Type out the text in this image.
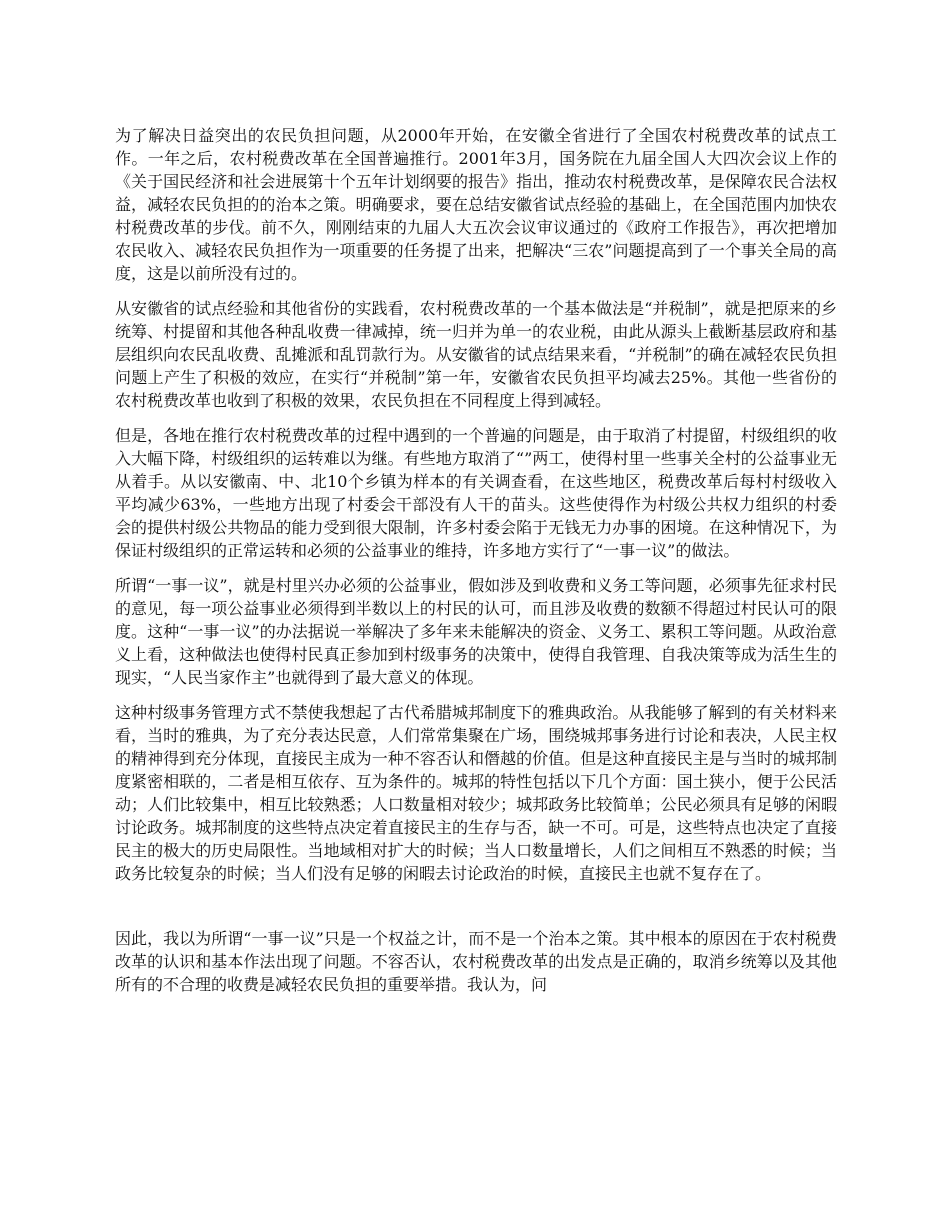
为了解决日益突出的农民负担问题，从2000年开始，在安徽全省进行了全国农村税费改革的试点工作。一年之后，农村税费改革在全国普遍推行。2001年3月，国务院在九届全国人大四次会议上作的《关于国民经济和社会进展第十个五年计划纲要的报告》指出，推动农村税费改革，是保障农民合法权益，减轻农民负担的的治本之策。明确要求，要在总结安徽省试点经验的基础上，在全国范围内加快农村税费改革的步伐。前不久，刚刚结束的九届人大五次会议审议通过的《政府工作报告》，再次把增加农民收入、减轻农民负担作为一项重要的任务提了出来，把解决“三农”问题提高到了一个事关全局的高度，这是以前所没有过的。

从安徽省的试点经验和其他省份的实践看，农村税费改革的一个基本做法是“并税制”，就是把原来的乡统筹、村提留和其他各种乱收费一律减掉，统一归并为单一的农业税，由此从源头上截断基层政府和基层组织向农民乱收费、乱摊派和乱罚款行为。从安徽省的试点结果来看，“并税制”的确在减轻农民负担问题上产生了积极的效应，在实行“并税制”第一年，安徽省农民负担平均减去25%。其他一些省份的农村税费改革也收到了积极的效果，农民负担在不同程度上得到减轻。

但是，各地在推行农村税费改革的过程中遇到的一个普遍的问题是，由于取消了村提留，村级组织的收入大幅下降，村级组织的运转难以为继。有些地方取消了“”两工，使得村里一些事关全村的公益事业无从着手。从以安徽南、中、北10个乡镇为样本的有关调查看，在这些地区，税费改革后每村村级收入平均减少63%，一些地方出现了村委会干部没有人干的苗头。这些使得作为村级公共权力组织的村委会的提供村级公共物品的能力受到很大限制，许多村委会陷于无钱无力办事的困境。在这种情况下，为保证村级组织的正常运转和必须的公益事业的维持，许多地方实行了“一事一议”的做法。

所谓“一事一议”，就是村里兴办必须的公益事业，假如涉及到收费和义务工等问题，必须事先征求村民的意见，每一项公益事业必须得到半数以上的村民的认可，而且涉及收费的数额不得超过村民认可的限度。这种“一事一议”的办法据说一举解决了多年来未能解决的资金、义务工、累积工等问题。从政治意义上看，这种做法也使得村民真正参加到村级事务的决策中，使得自我管理、自我决策等成为活生生的现实，“人民当家作主”也就得到了最大意义的体现。

这种村级事务管理方式不禁使我想起了古代希腊城邦制度下的雅典政治。从我能够了解到的有关材料来看，当时的雅典，为了充分表达民意，人们常常集聚在广场，围绕城邦事务进行讨论和表决，人民主权的精神得到充分体现，直接民主成为一种不容否认和僭越的价值。但是这种直接民主是与当时的城邦制度紧密相联的，二者是相互依存、互为条件的。城邦的特性包括以下几个方面：国土狭小，便于公民活动；人们比较集中，相互比较熟悉；人口数量相对较少；城邦政务比较简单；公民必须具有足够的闲暇讨论政务。城邦制度的这些特点决定着直接民主的生存与否，缺一不可。可是，这些特点也决定了直接民主的极大的历史局限性。当地域相对扩大的时候；当人口数量增长，人们之间相互不熟悉的时候；当政务比较复杂的时候；当人们没有足够的闲暇去讨论政治的时候，直接民主也就不复存在了。

因此，我以为所谓“一事一议”只是一个权益之计，而不是一个治本之策。其中根本的原因在于农村税费改革的认识和基本作法出现了问题。不容否认，农村税费改革的出发点是正确的，取消乡统筹以及其他所有的不合理的收费是减轻农民负担的重要举措。我认为，问
